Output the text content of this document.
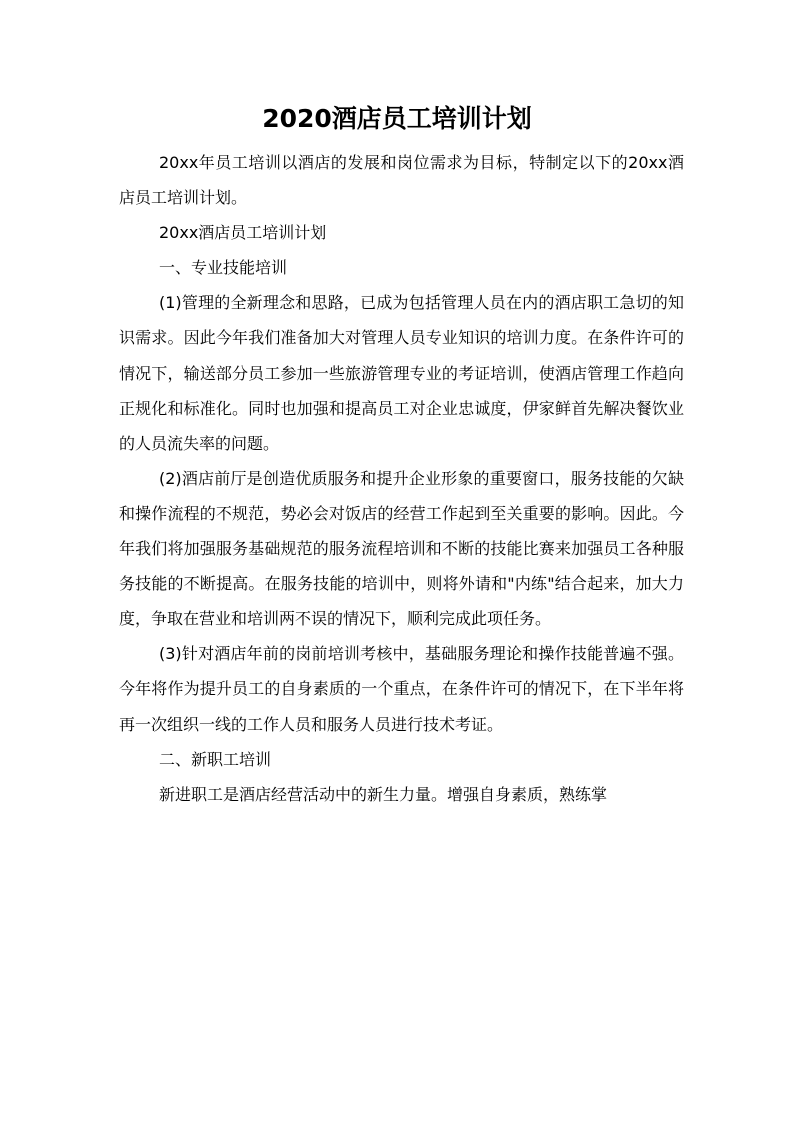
2020酒店员工培训计划

20xx年员工培训以酒店的发展和岗位需求为目标，特制定以下的20xx酒店员工培训计划。

20xx酒店员工培训计划

一、专业技能培训

(1)管理的全新理念和思路，已成为包括管理人员在内的酒店职工急切的知识需求。因此今年我们准备加大对管理人员专业知识的培训力度。在条件许可的情况下，输送部分员工参加一些旅游管理专业的考证培训，使酒店管理工作趋向正规化和标准化。同时也加强和提高员工对企业忠诚度，伊家鲜首先解决餐饮业的人员流失率的问题。

(2)酒店前厅是创造优质服务和提升企业形象的重要窗口，服务技能的欠缺和操作流程的不规范，势必会对饭店的经营工作起到至关重要的影响。因此。今年我们将加强服务基础规范的服务流程培训和不断的技能比赛来加强员工各种服务技能的不断提高。在服务技能的培训中，则将外请和"内练"结合起来，加大力度，争取在营业和培训两不误的情况下，顺利完成此项任务。

(3)针对酒店年前的岗前培训考核中，基础服务理论和操作技能普遍不强。今年将作为提升员工的自身素质的一个重点，在条件许可的情况下，在下半年将再一次组织一线的工作人员和服务人员进行技术考证。

二、新职工培训

新进职工是酒店经营活动中的新生力量。增强自身素质，熟练掌
